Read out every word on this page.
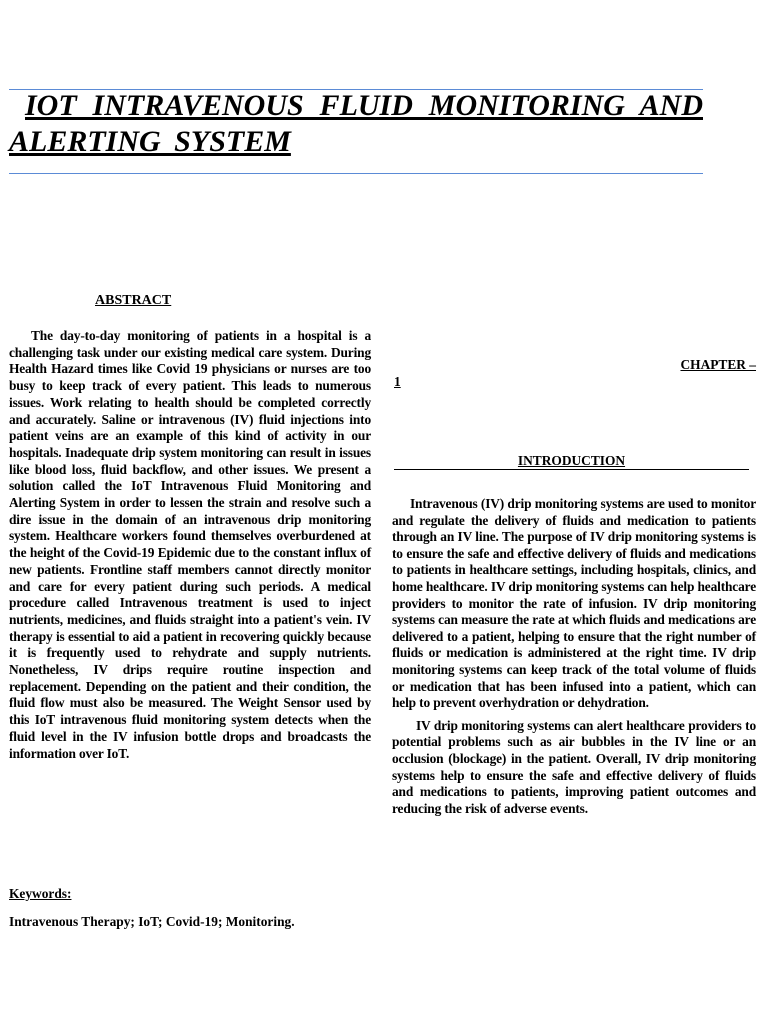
IOT INTRAVENOUS FLUID MONITORING AND ALERTING SYSTEM
ABSTRACT

The day-to-day monitoring of patients in a hospital is a challenging task under our existing medical care system. During Health Hazard times like Covid 19 physicians or nurses are too busy to keep track of every patient. This leads to numerous issues. Work relating to health should be completed correctly and accurately. Saline or intravenous (IV) fluid injections into patient veins are an example of this kind of activity in our hospitals. Inadequate drip system monitoring can result in issues like blood loss, fluid backflow, and other issues. We present a solution called the IoT Intravenous Fluid Monitoring and Alerting System in order to lessen the strain and resolve such a dire issue in the domain of an intravenous drip monitoring system. Healthcare workers found themselves overburdened at the height of the Covid-19 Epidemic due to the constant influx of new patients. Frontline staff members cannot directly monitor and care for every patient during such periods. A medical procedure called Intravenous treatment is used to inject nutrients, medicines, and fluids straight into a patient's vein. IV therapy is essential to aid a patient in recovering quickly because it is frequently used to rehydrate and supply nutrients. Nonetheless, IV drips require routine inspection and replacement. Depending on the patient and their condition, the fluid flow must also be measured. The Weight Sensor used by this IoT intravenous fluid monitoring system detects when the fluid level in the IV infusion bottle drops and broadcasts the information over IoT.

Keywords:
Intravenous Therapy; IoT; Covid-19; Monitoring.
CHAPTER –
1
INTRODUCTION

Intravenous (IV) drip monitoring systems are used to monitor and regulate the delivery of fluids and medication to patients through an IV line. The purpose of IV drip monitoring systems is to ensure the safe and effective delivery of fluids and medications to patients in healthcare settings, including hospitals, clinics, and home healthcare. IV drip monitoring systems can help healthcare providers to monitor the rate of infusion. IV drip monitoring systems can measure the rate at which fluids and medications are delivered to a patient, helping to ensure that the right number of fluids or medication is administered at the right time. IV drip monitoring systems can keep track of the total volume of fluids or medication that has been infused into a patient, which can help to prevent overhydration or dehydration.

IV drip monitoring systems can alert healthcare providers to potential problems such as air bubbles in the IV line or an occlusion (blockage) in the patient. Overall, IV drip monitoring systems help to ensure the safe and effective delivery of fluids and medications to patients, improving patient outcomes and reducing the risk of adverse events.
